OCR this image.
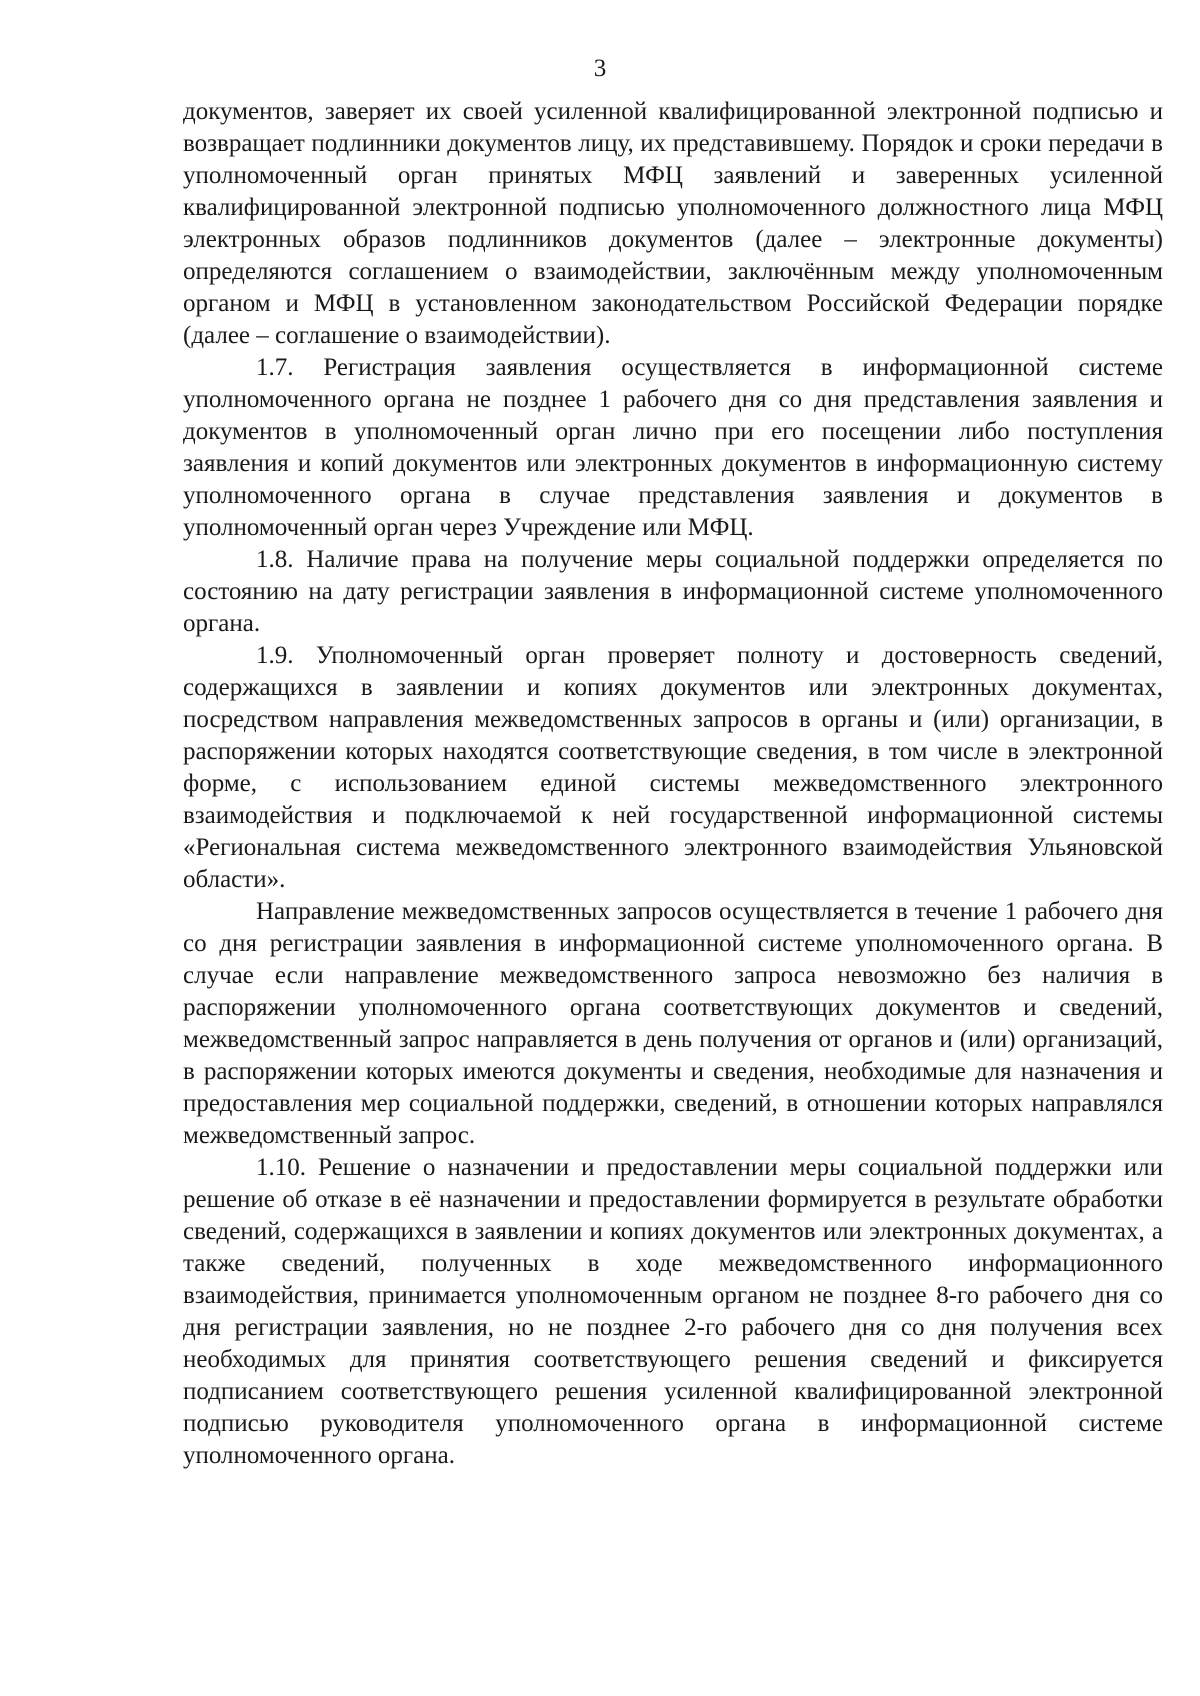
3

документов, заверяет их своей усиленной квалифицированной электронной подписью и возвращает подлинники документов лицу, их представившему. Порядок и сроки передачи в уполномоченный орган принятых МФЦ заявлений и заверенных усиленной квалифицированной электронной подписью уполномоченного должностного лица МФЦ электронных образов подлинников документов (далее – электронные документы) определяются соглашением о взаимодействии, заключённым между уполномоченным органом и МФЦ в установленном законодательством Российской Федерации порядке (далее – соглашение о взаимодействии).

1.7. Регистрация заявления осуществляется в информационной системе уполномоченного органа не позднее 1 рабочего дня со дня представления заявления и документов в уполномоченный орган лично при его посещении либо поступления заявления и копий документов или электронных документов в информационную систему уполномоченного органа в случае представления заявления и документов в уполномоченный орган через Учреждение или МФЦ.

1.8. Наличие права на получение меры социальной поддержки определяется по состоянию на дату регистрации заявления в информационной системе уполномоченного органа.

1.9. Уполномоченный орган проверяет полноту и достоверность сведений, содержащихся в заявлении и копиях документов или электронных документах, посредством направления межведомственных запросов в органы и (или) организации, в распоряжении которых находятся соответствующие сведения, в том числе в электронной форме, с использованием единой системы межведомственного электронного взаимодействия и подключаемой к ней государственной информационной системы «Региональная система межведомственного электронного взаимодействия Ульяновской области».

Направление межведомственных запросов осуществляется в течение 1 рабочего дня со дня регистрации заявления в информационной системе уполномоченного органа. В случае если направление межведомственного запроса невозможно без наличия в распоряжении уполномоченного органа соответствующих документов и сведений, межведомственный запрос направляется в день получения от органов и (или) организаций, в распоряжении которых имеются документы и сведения, необходимые для назначения и предоставления мер социальной поддержки, сведений, в отношении которых направлялся межведомственный запрос.

1.10. Решение о назначении и предоставлении меры социальной поддержки или решение об отказе в её назначении и предоставлении формируется в результате обработки сведений, содержащихся в заявлении и копиях документов или электронных документах, а также сведений, полученных в ходе межведомственного информационного взаимодействия, принимается уполномоченным органом не позднее 8-го рабочего дня со дня регистрации заявления, но не позднее 2-го рабочего дня со дня получения всех необходимых для принятия соответствующего решения сведений и фиксируется подписанием соответствующего решения усиленной квалифицированной электронной подписью руководителя уполномоченного органа в информационной системе уполномоченного органа.
